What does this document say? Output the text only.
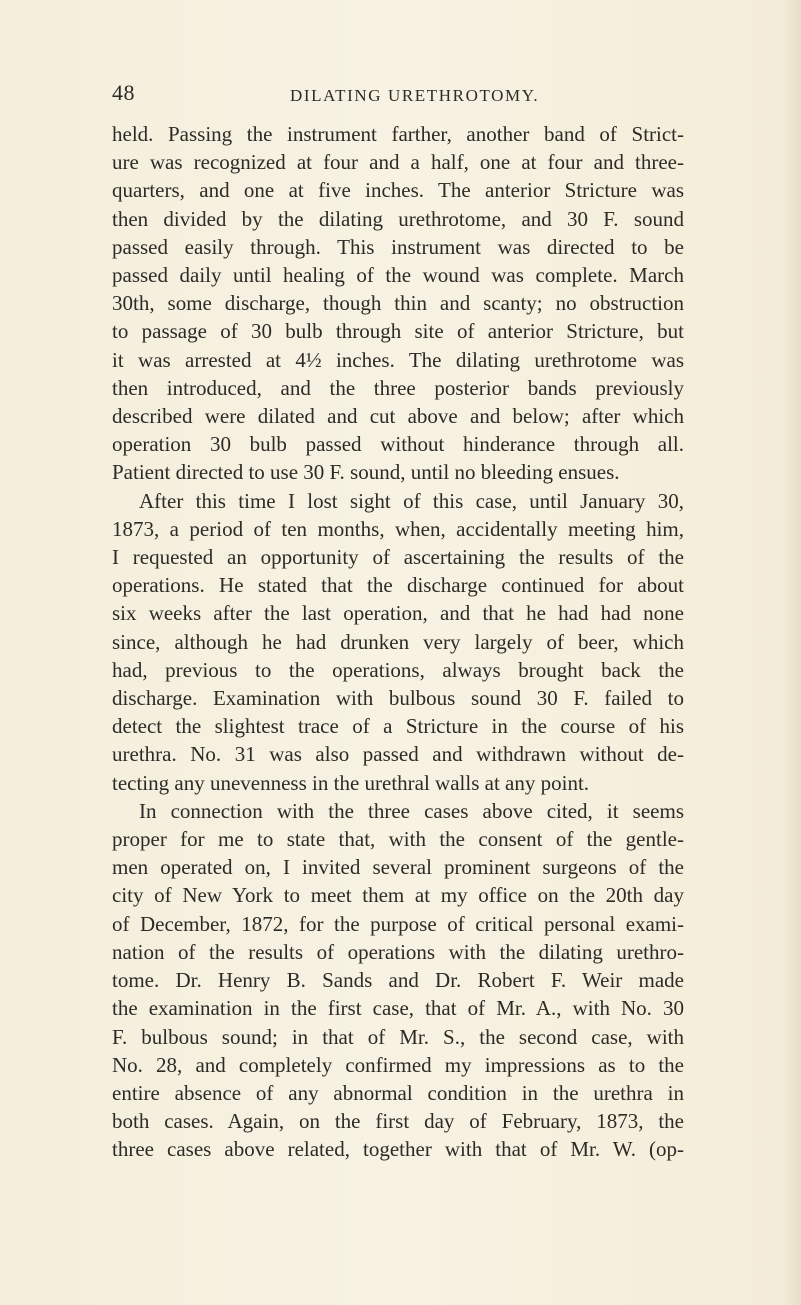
48	DILATING URETHROTOMY.
held. Passing the instrument farther, another band of Strict-
ure was recognized at four and a half, one at four and three-
quarters, and one at five inches. The anterior Stricture was
then divided by the dilating urethrotome, and 30 F. sound
passed easily through. This instrument was directed to be
passed daily until healing of the wound was complete. March
30th, some discharge, though thin and scanty; no obstruction
to passage of 30 bulb through site of anterior Stricture, but
it was arrested at 4½ inches. The dilating urethrotome was
then introduced, and the three posterior bands previously
described were dilated and cut above and below; after which
operation 30 bulb passed without hinderance through all.
Patient directed to use 30 F. sound, until no bleeding ensues.
After this time I lost sight of this case, until January 30,
1873, a period of ten months, when, accidentally meeting him,
I requested an opportunity of ascertaining the results of the
operations. He stated that the discharge continued for about
six weeks after the last operation, and that he had had none
since, although he had drunken very largely of beer, which
had, previous to the operations, always brought back the
discharge. Examination with bulbous sound 30 F. failed to
detect the slightest trace of a Stricture in the course of his
urethra. No. 31 was also passed and withdrawn without de-
tecting any unevenness in the urethral walls at any point.
In connection with the three cases above cited, it seems
proper for me to state that, with the consent of the gentle-
men operated on, I invited several prominent surgeons of the
city of New York to meet them at my office on the 20th day
of December, 1872, for the purpose of critical personal exami-
nation of the results of operations with the dilating urethro-
tome. Dr. Henry B. Sands and Dr. Robert F. Weir made
the examination in the first case, that of Mr. A., with No. 30
F. bulbous sound; in that of Mr. S., the second case, with
No. 28, and completely confirmed my impressions as to the
entire absence of any abnormal condition in the urethra in
both cases. Again, on the first day of February, 1873, the
three cases above related, together with that of Mr. W. (op-
